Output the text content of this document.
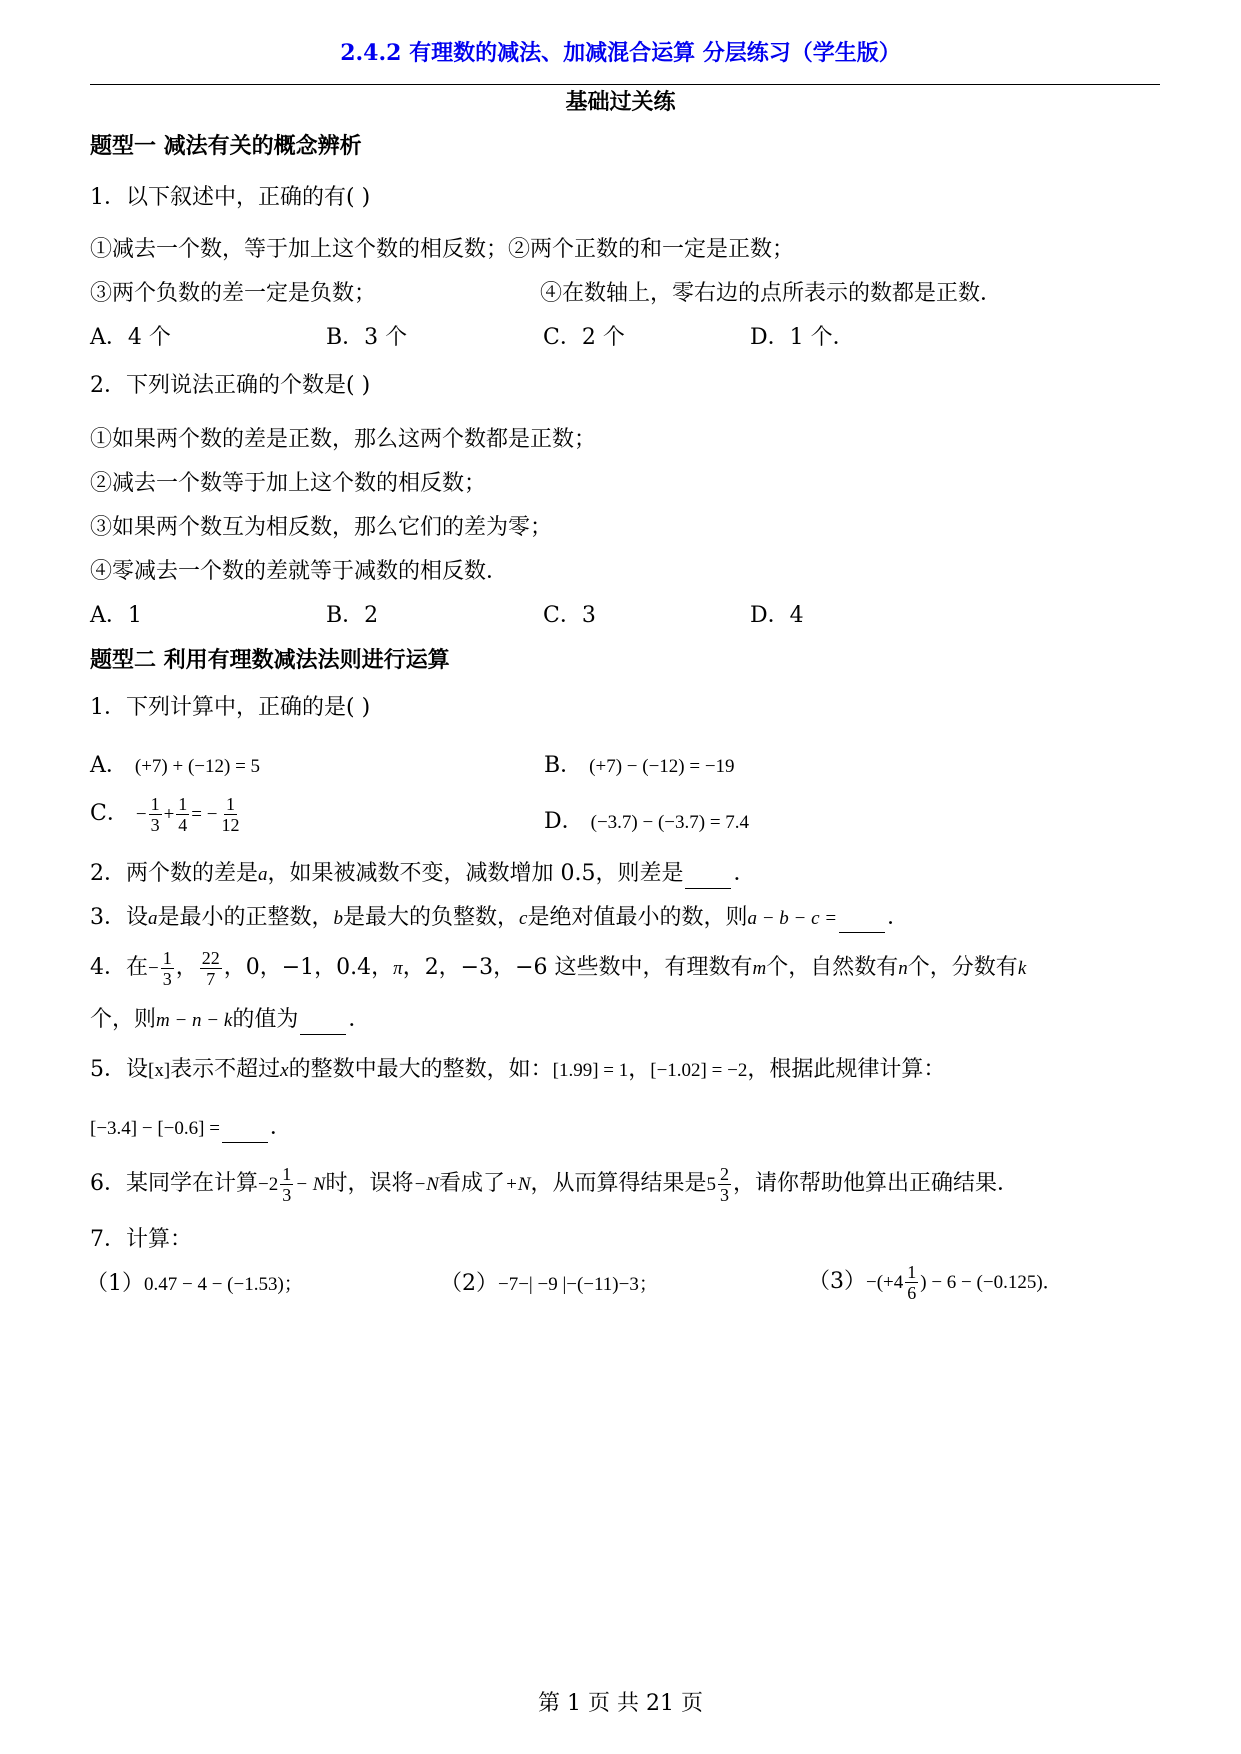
2.4.2 有理数的减法、加减混合运算 分层练习（学生版）
基础过关练
题型一 减法有关的概念辨析
1．以下叙述中，正确的有( )
①减去一个数，等于加上这个数的相反数；②两个正数的和一定是正数；
③两个负数的差一定是负数；	④在数轴上，零右边的点所表示的数都是正数．
A．4 个	B．3 个	C．2 个	D．1 个．
2．下列说法正确的个数是( )
①如果两个数的差是正数，那么这两个数都是正数；
②减去一个数等于加上这个数的相反数；
③如果两个数互为相反数，那么它们的差为零；
④零减去一个数的差就等于减数的相反数．
A．1	B．2	C．3	D．4
题型二 利用有理数减法法则进行运算
1．下列计算中，正确的是( )
A． (+7) + (−12) = 5	B． (+7) − (−12) = −19
C． − $\frac{1}{3} + \frac{1}{4}$ = − $\frac{1}{12}$	D． (−3.7) − (−3.7) = 7.4
2．两个数的差是a，如果被减数不变，减数增加 0.5，则差是 ．
3．设a是最小的正整数，b是最大的负整数，c是绝对值最小的数，则a − b − c = ．
4．在− $\frac{1}{3}$ ， $\frac{22}{7}$ ，0，−1，0.4，π，2，−3，−6 这些数中，有理数有m个，自然数有n个，分数有k
个，则m − n − k的值为 ．
5．设[x]表示不超过x的整数中最大的整数，如：[1.99] = 1，[−1.02] = −2，根据此规律计算：
[−3.4] − [−0.6] = ．
6．某同学在计算$-2 \frac{1}{3} - N$时，误将−N看成了+N，从而算得结果是$5 \frac{2}{3}$ ，请你帮助他算出正确结果．
7．计算：
（1）0.47 − 4 − (−1.53)；	（2）−7−| −9 |−(−11)−3；	$(3)-(+4 \frac{1}{6}$ ) − 6 − (−0.125)．
第 1 页 共 21 页
